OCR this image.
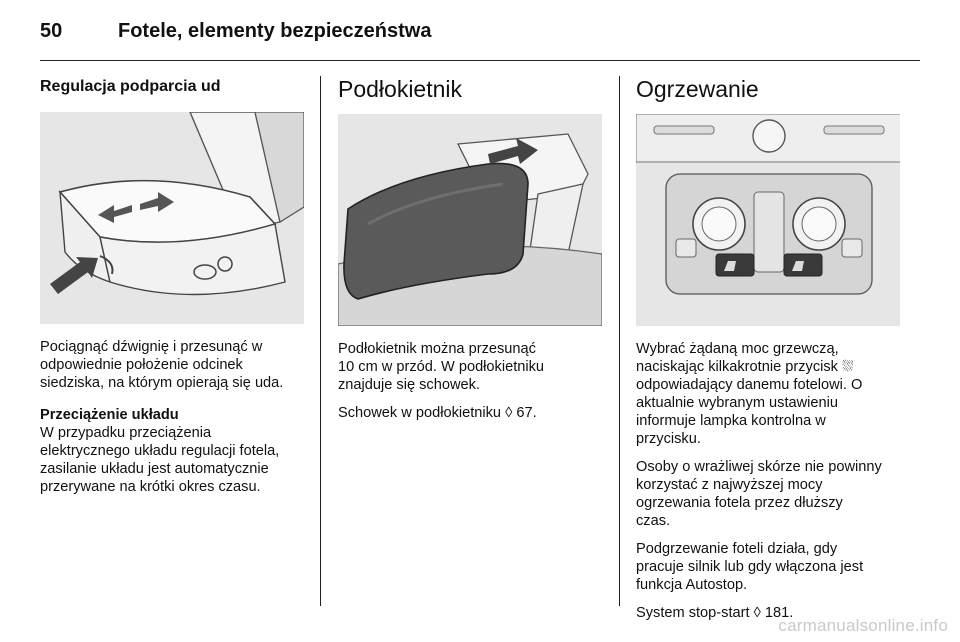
50	Fotele, elementy bezpieczeństwa
Regulacja podparcia ud
Pociągnąć dźwignię i przesunąć w
odpowiednie położenie odcinek
siedziska, na którym opierają się uda.
Przeciążenie układu
W przypadku przeciążenia
elektrycznego układu regulacji fotela,
zasilanie układu jest automatycznie
przerywane na krótki okres czasu.
Podłokietnik
Podłokietnik można przesunąć
10 cm w przód. W podłokietniku
znajduje się schowek.
Schowek w podłokietniku ◊ 67.
Ogrzewanie
Wybrać żądaną moc grzewczą,
naciskając kilkakrotnie przycisk ⛆
odpowiadający danemu fotelowi. O
aktualnie wybranym ustawieniu
informuje lampka kontrolna w
przycisku.
Osoby o wrażliwej skórze nie powinny
korzystać z najwyższej mocy
ogrzewania fotela przez dłuższy
czas.
Podgrzewanie foteli działa, gdy
pracuje silnik lub gdy włączona jest
funkcja Autostop.
System stop-start ◊ 181.
carmanualsonline.info
